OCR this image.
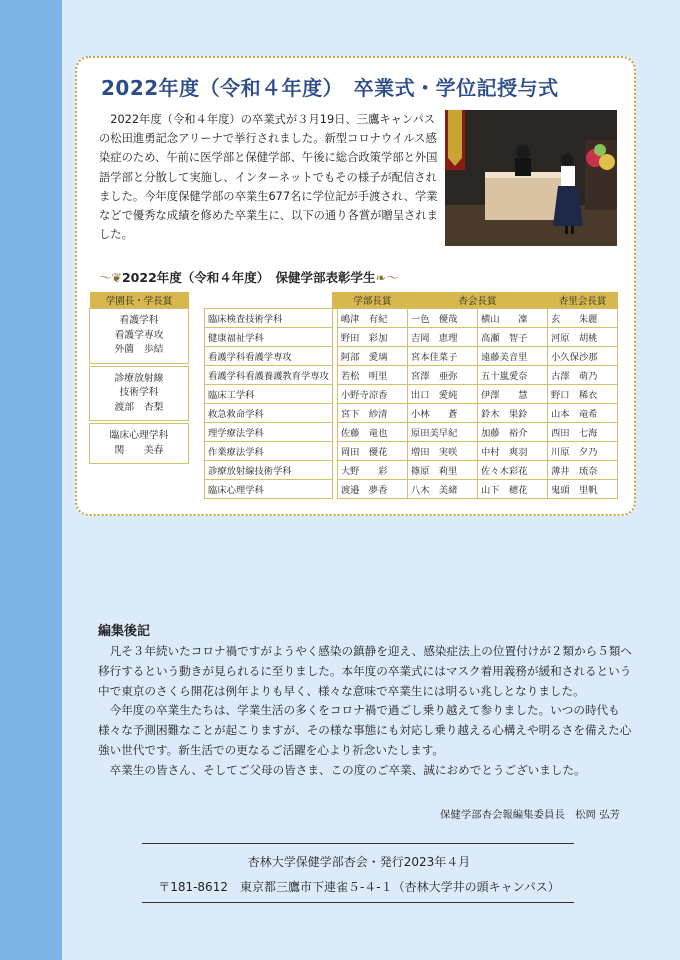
2022年度（令和４年度）　卒業式・学位記授与式

2022年度（令和４年度）の卒業式が３月19日、三鷹キャンパスの松田進勇記念アリーナで挙行されました。新型コロナウイルス感染症のため、午前に医学部と保健学部、午後に総合政策学部と外国語学部と分散して実施し、インターネットでもその様子が配信されました。今年度保健学部の卒業生677名に学位記が手渡され、学業などで優秀な成績を修めた卒業生に、以下の通り各賞が贈呈されました。

～❦2022年度（令和４年度）　保健学部表彰学生❧～
学園長・学長賞

看護学科
看護学専攻
外薗　歩結

診療放射線
技術学科
渡部　杏梨

臨床心理学科
関　　美春
		学部長賞	杏会長賞		杏里会長賞
臨床検査技術学科		嶋津　有紀	一色　優哉	横山　　凜	玄　　朱麗
健康福祉学科		野田　彩加	吉岡　恵理	高瀬　智子	河原　胡桃
看護学科看護学専攻		阿部　愛璃	宮本佳菜子	遠藤美音里	小久保沙那
看護学科看護養護教育学専攻		若松　明里	宮澤　亜弥	五十嵐愛奈	古澤　萌乃
臨床工学科		小野寺涼香	出口　愛純	伊澤　　慧	野口　稀衣
救急救命学科		宮下　紗清	小林　　蒼	鈴木　果鈴	山本　竜希
理学療法学科		佐藤　竜也	原田美早紀	加藤　裕介	西田　七海
作業療法学科		岡田　優花	増田　実咲	中村　爽羽	川原　夕乃
診療放射線技術学科		大野　　彩	篠原　莉里	佐々木彩花	薄井　琉奈
臨床心理学科		渡邉　夢香	八木　美緒	山下　穂花	鬼頭　里帆
編集後記

凡そ３年続いたコロナ禍ですがようやく感染の鎮静を迎え、感染症法上の位置付けが２類から５類へ移行するという動きが見られるに至りました。本年度の卒業式にはマスク着用義務が緩和されるという中で東京のさくら開花は例年よりも早く、様々な意味で卒業生には明るい兆しとなりました。

今年度の卒業生たちは、学業生活の多くをコロナ禍で過ごし乗り越えて参りました。いつの時代も様々な予測困難なことが起こりますが、その様な事態にも対応し乗り越える心構えや明るさを備えた心強い世代です。新生活での更なるご活躍を心より祈念いたします。

卒業生の皆さん、そしてご父母の皆さま、この度のご卒業、誠におめでとうございました。

保健学部杏会報編集委員長　松岡 弘芳
杏林大学保健学部杏会・発行2023年４月
〒181-8612　東京都三鷹市下連雀５-４-１（杏林大学井の頭キャンパス）
